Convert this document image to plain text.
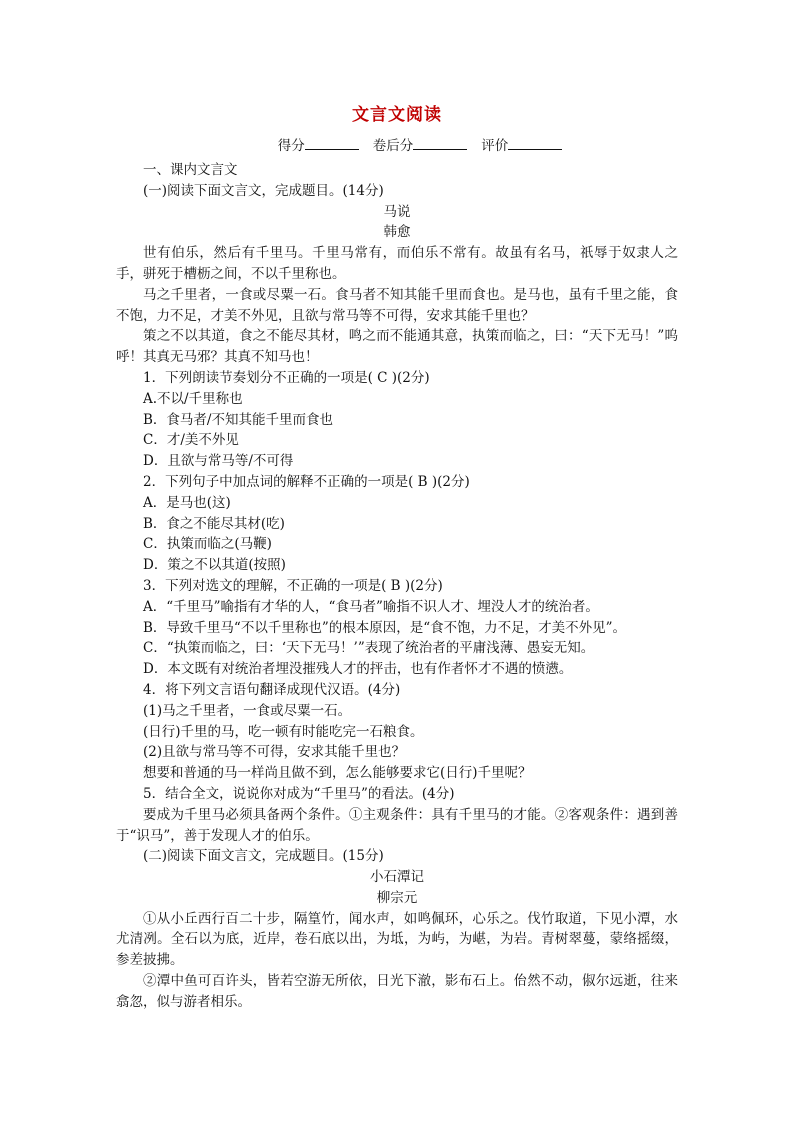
文言文阅读

得分	卷后分	评价

一、课内文言文

(一)阅读下面文言文，完成题目。(14分)

马说

韩愈

世有伯乐，然后有千里马。千里马常有，而伯乐不常有。故虽有名马，祇辱于奴隶人之手，骈死于槽枥之间，不以千里称也。

马之千里者，一食或尽粟一石。食马者不知其能千里而食也。是马也，虽有千里之能，食不饱，力不足，才美不外见，且欲与常马等不可得，安求其能千里也？

策之不以其道，食之不能尽其材，鸣之而不能通其意，执策而临之，曰：“天下无马！”呜呼！其真无马邪？其真不知马也！

1．下列朗读节奏划分不正确的一项是( C )(2分)

A.不以/千里称也

B．食马者/不知其能千里而食也

C．才/美不外见

D．且欲与常马等/不可得

2．下列句子中加点词的解释不正确的一项是( B )(2分)

A．是马也(这)

B．食之不能尽其材(吃)

C．执策而临之(马鞭)

D．策之不以其道(按照)

3．下列对选文的理解，不正确的一项是( B )(2分)

A．“千里马”喻指有才华的人，“食马者”喻指不识人才、埋没人才的统治者。

B．导致千里马“不以千里称也”的根本原因，是“食不饱，力不足，才美不外见”。

C．“执策而临之，曰：‘天下无马！’”表现了统治者的平庸浅薄、愚妄无知。

D．本文既有对统治者埋没摧残人才的抨击，也有作者怀才不遇的愤懑。

4．将下列文言语句翻译成现代汉语。(4分)

(1)马之千里者，一食或尽粟一石。

(日行)千里的马，吃一顿有时能吃完一石粮食。

(2)且欲与常马等不可得，安求其能千里也？

想要和普通的马一样尚且做不到，怎么能够要求它(日行)千里呢？

5．结合全文，说说你对成为“千里马”的看法。(4分)

要成为千里马必须具备两个条件。①主观条件：具有千里马的才能。②客观条件：遇到善于“识马”，善于发现人才的伯乐。

(二)阅读下面文言文，完成题目。(15分)

小石潭记

柳宗元

①从小丘西行百二十步，隔篁竹，闻水声，如鸣佩环，心乐之。伐竹取道，下见小潭，水尤清冽。全石以为底，近岸，卷石底以出，为坻，为屿，为嵁，为岩。青树翠蔓，蒙络摇缀，参差披拂。

②潭中鱼可百许头，皆若空游无所依，日光下澈，影布石上。佁然不动，俶尔远逝，往来翕忽，似与游者相乐。
